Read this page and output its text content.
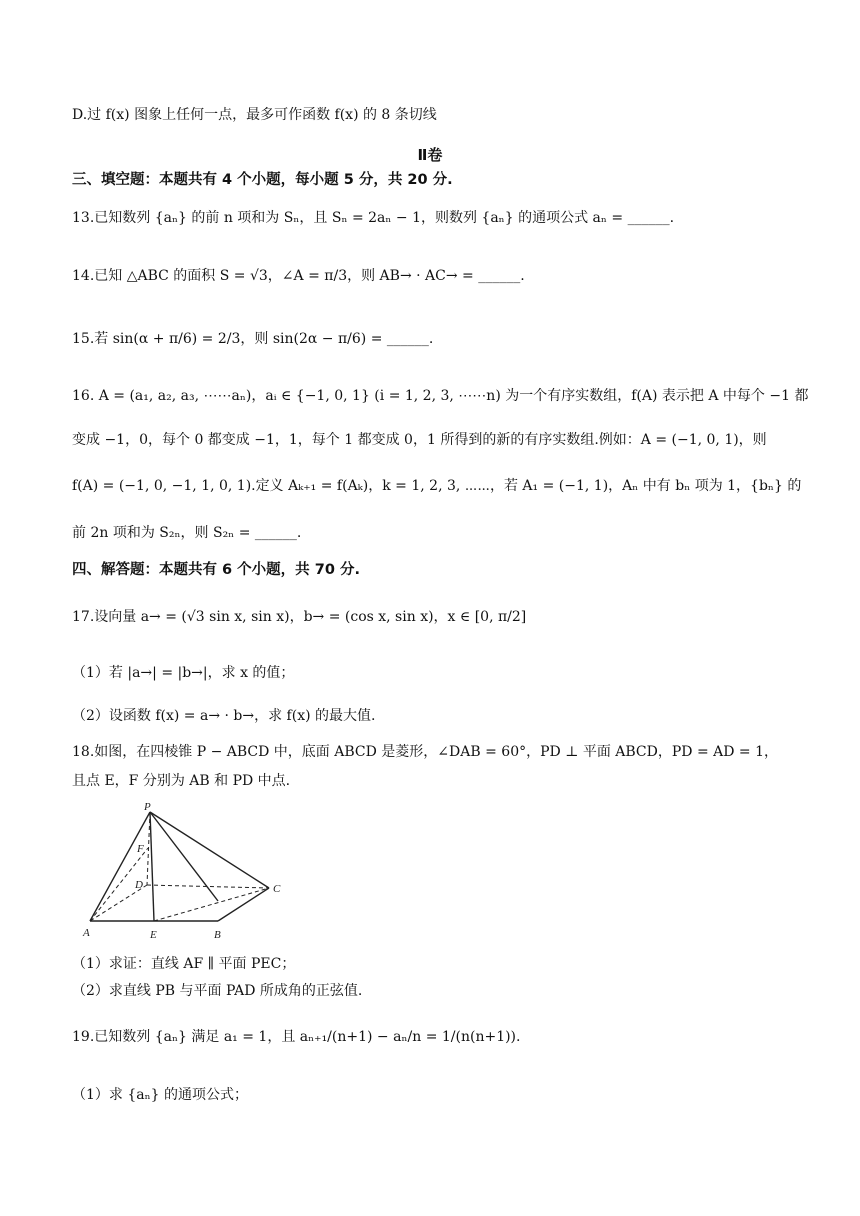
D.过 f(x) 图象上任何一点，最多可作函数 f(x) 的 8 条切线
Ⅱ卷
三、填空题：本题共有 4 个小题，每小题 5 分，共 20 分.
13.已知数列 {aₙ} 的前 n 项和为 Sₙ，且 Sₙ = 2aₙ − 1，则数列 {aₙ} 的通项公式 aₙ = ______.
14.已知 △ABC 的面积 S = √3，∠A = π/3，则 AB→ · AC→ = ______.
15.若 sin(α + π/6) = 2/3，则 sin(2α − π/6) = ______.
16. A = (a₁, a₂, a₃, ⋯⋯aₙ)，aᵢ ∈ {−1, 0, 1} (i = 1, 2, 3, ⋯⋯n) 为一个有序实数组，f(A) 表示把 A 中每个 −1 都
变成 −1，0，每个 0 都变成 −1，1，每个 1 都变成 0，1 所得到的新的有序实数组.例如：A = (−1, 0, 1)，则
f(A) = (−1, 0, −1, 1, 0, 1).定义 Aₖ₊₁ = f(Aₖ)，k = 1, 2, 3, ⋯⋯，若 A₁ = (−1, 1)，Aₙ 中有 bₙ 项为 1，{bₙ} 的
前 2n 项和为 S₂ₙ，则 S₂ₙ = ______.
四、解答题：本题共有 6 个小题，共 70 分.
17.设向量 a→ = (√3 sin x, sin x)，b→ = (cos x, sin x)，x ∈ [0, π/2]
（1）若 |a→| = |b→|，求 x 的值；
（2）设函数 f(x) = a→ · b→，求 f(x) 的最大值.
18.如图，在四棱锥 P − ABCD 中，底面 ABCD 是菱形，∠DAB = 60°，PD ⊥ 平面 ABCD，PD = AD = 1，
且点 E，F 分别为 AB 和 PD 中点.
P
F
D	C
A	E	B
（1）求证：直线 AF ∥ 平面 PEC；
（2）求直线 PB 与平面 PAD 所成角的正弦值.
19.已知数列 {aₙ} 满足 a₁ = 1，且 aₙ₊₁/(n+1) − aₙ/n = 1/(n(n+1)).
（1）求 {aₙ} 的通项公式；
